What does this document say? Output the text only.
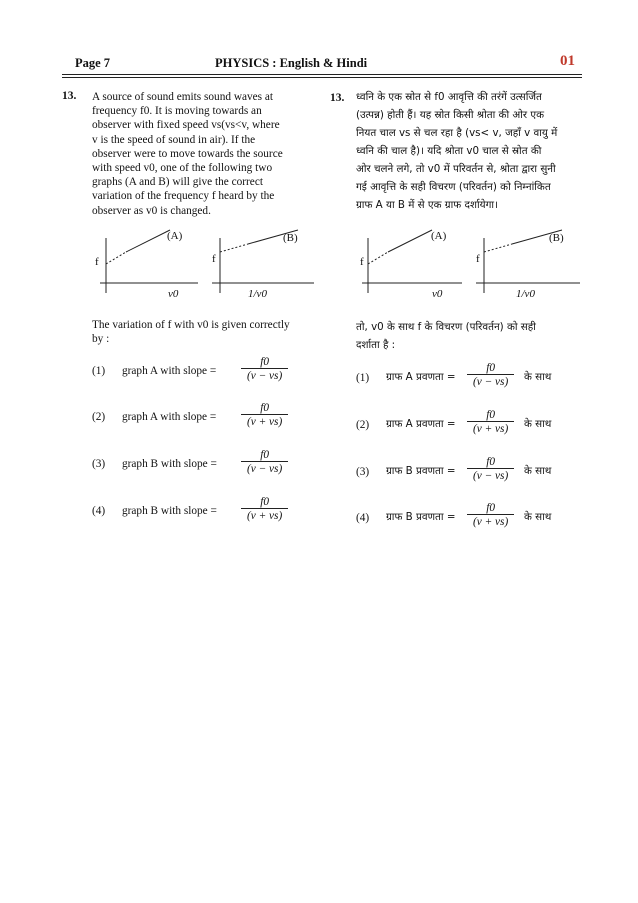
Page 7	PHYSICS : English & Hindi	01
13. A source of sound emits sound waves at
frequency f0. It is moving towards an
observer with fixed speed vs(vs<v, where
v is the speed of sound in air). If the
observer were to move towards the source
with speed v0, one of the following two
graphs (A and B) will give the correct
variation of the frequency f heard by the
observer as v0 is changed.
(A)	(B)
f	f
v0	1/v0
The variation of f with v0 is given correctly
by :
(1) graph A with slope = $\frac{f0}{(v - vs)}$
(2) graph A with slope = $\frac{f0}{(v + vs)}$
(3) graph B with slope = $\frac{f0}{(v - vs)}$
(4) graph B with slope = $\frac{f0}{(v + vs)}$
13. ध्वनि के एक स्रोत से f0 आवृत्ति की तरंगें उत्सर्जित
(उत्पन्न) होती हैं। यह स्रोत किसी श्रोता की ओर एक
नियत चाल vs से चल रहा है (vs< v, जहाँ v वायु में
ध्वनि की चाल है)। यदि श्रोता v0 चाल से स्रोत की
ओर चलने लगे, तो v0 में परिवर्तन से, श्रोता द्वारा सुनी
गई आवृत्ति के सही विचरण (परिवर्तन) को निम्नांकित
ग्राफ A या B में से एक ग्राफ दर्शायेगा।
(A)	(B)
f	f
v0	1/v0
तो, v0 के साथ f के विचरण (परिवर्तन) को सही
दर्शाता है :
(1) ग्राफ A प्रवणता = $\frac{f0}{(v - vs)}$ के साथ
(2) ग्राफ A प्रवणता = $\frac{f0}{(v + vs)}$ के साथ
(3) ग्राफ B प्रवणता = $\frac{f0}{(v - vs)}$ के साथ
(4) ग्राफ B प्रवणता = $\frac{f0}{(v + vs)}$ के साथ
